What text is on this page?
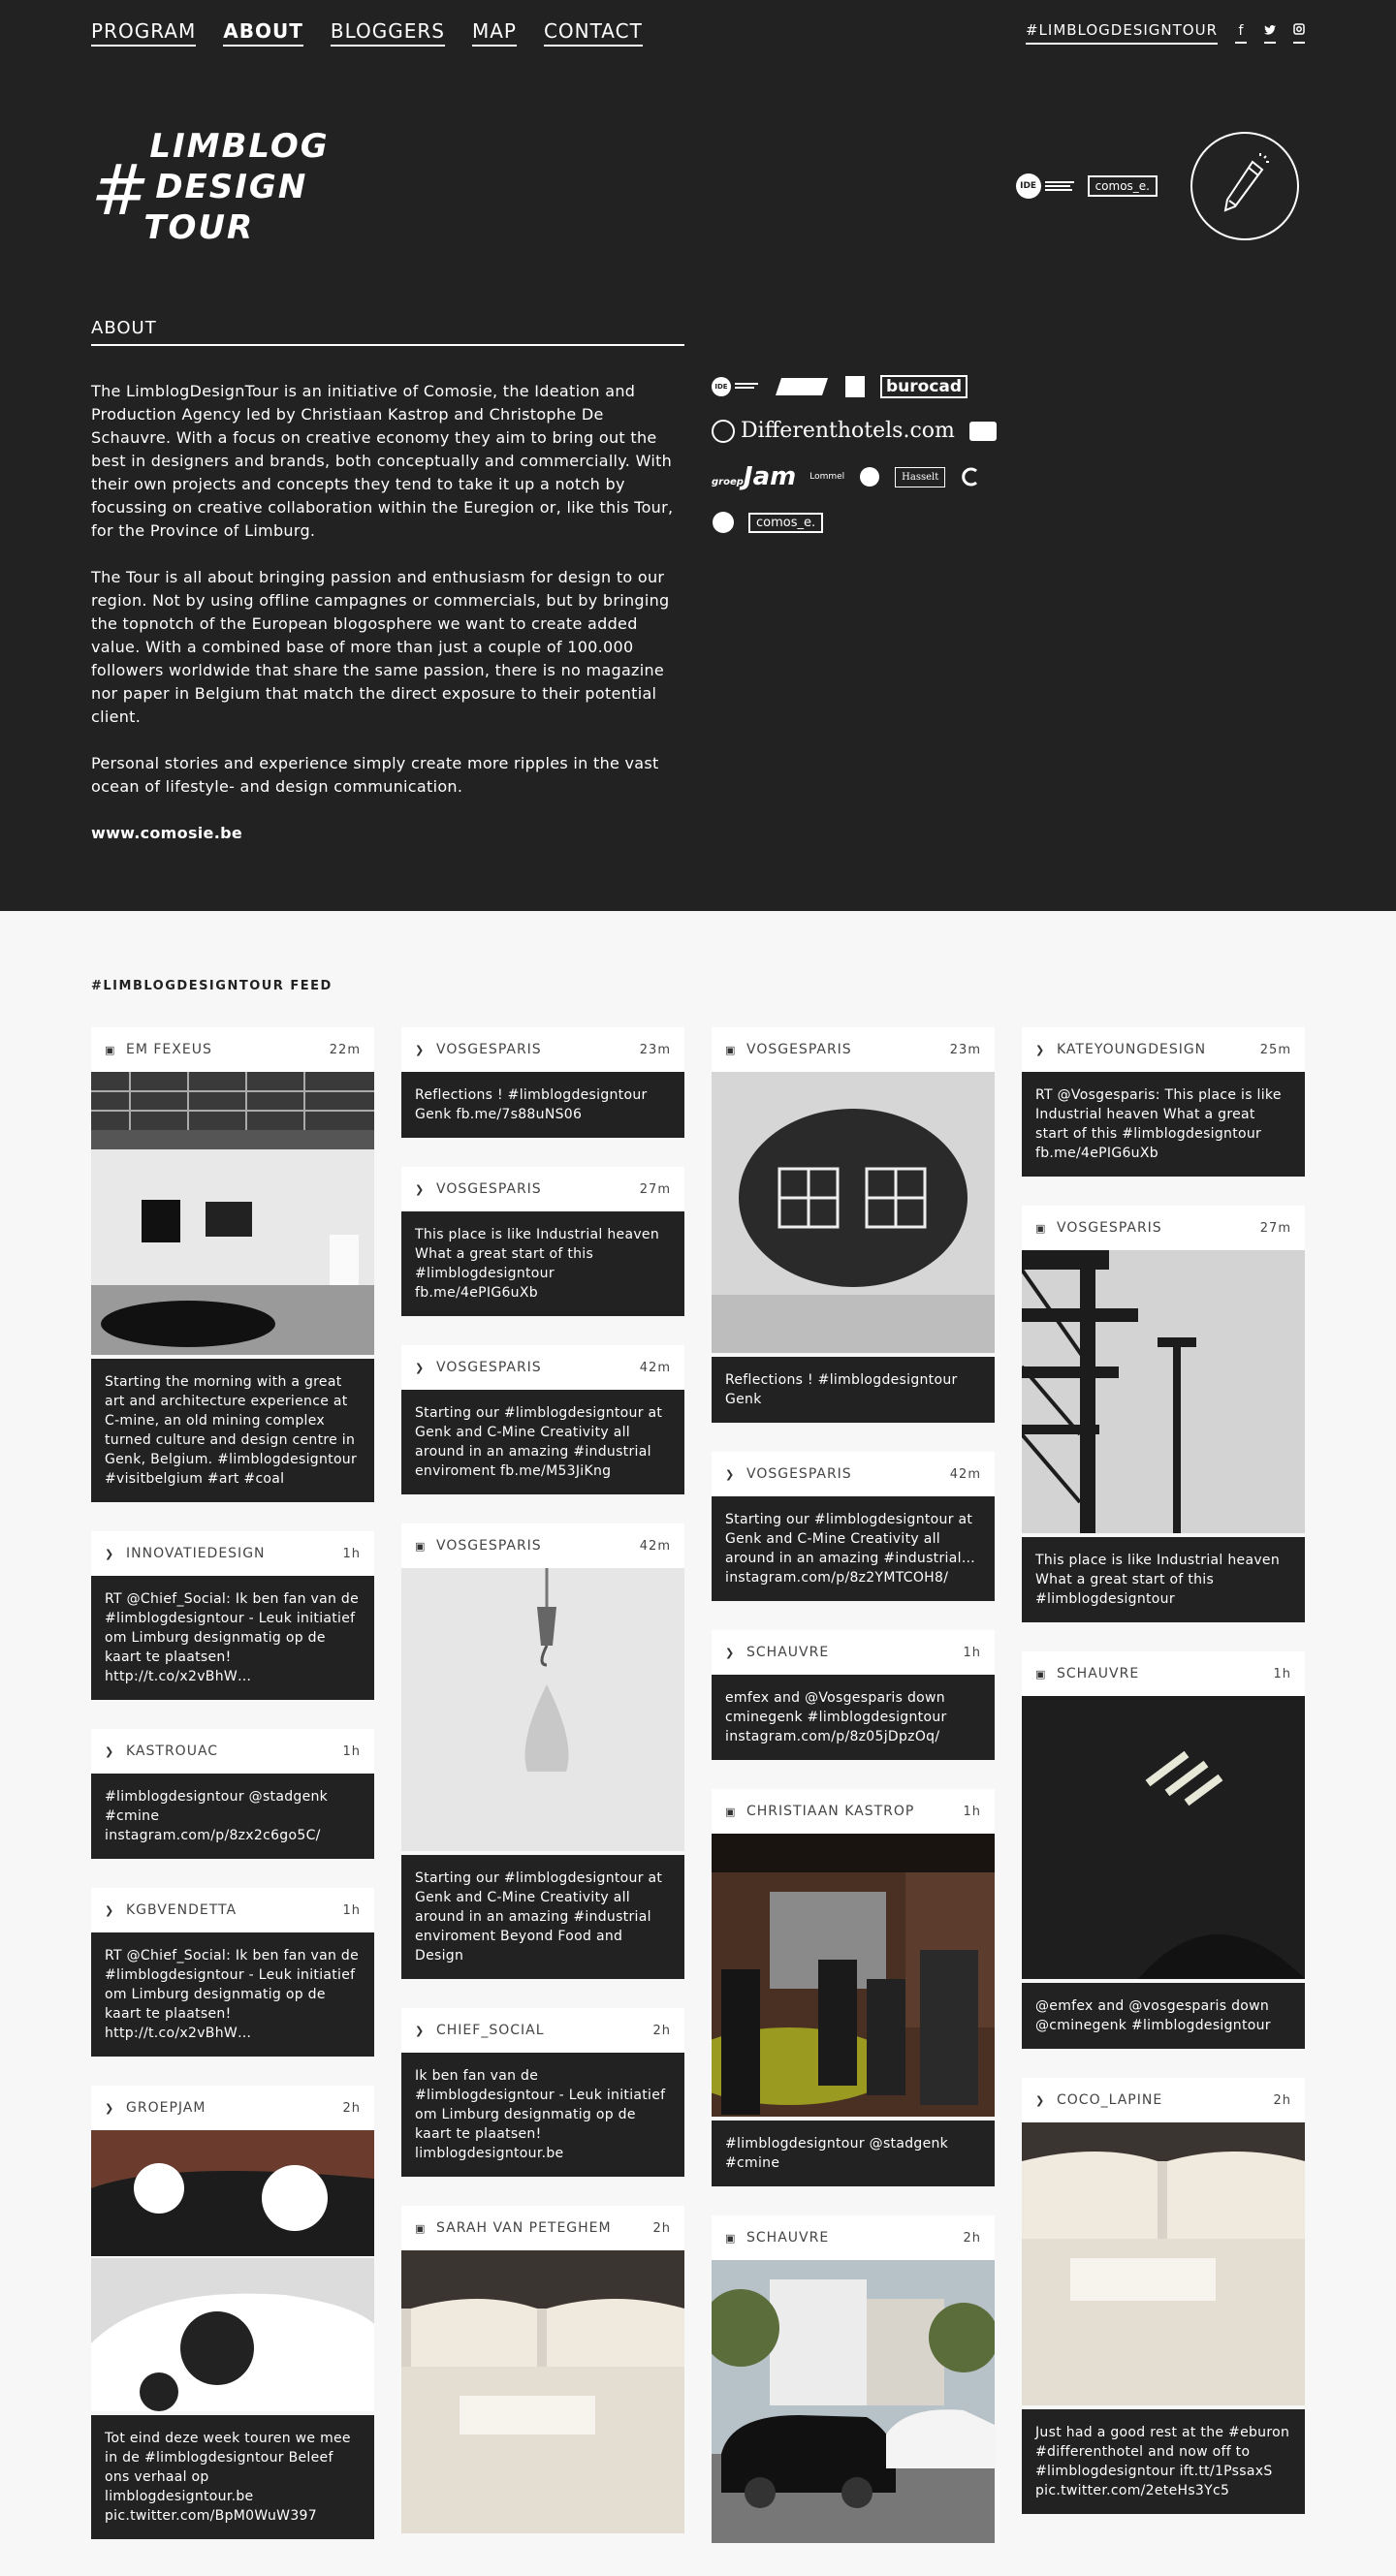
PROGRAM ABOUT BLOGGERS MAP CONTACT	#LIMBLOGDESIGNTOUR f
#
LIMBLOG
DESIGN
TOUR
IDE	comos_e.
ABOUT

The LimblogDesignTour is an initiative of Comosie, the Ideation and Production Agency led by Christiaan Kastrop and Christophe De Schauvre. With a focus on creative economy they aim to bring out the best in designers and brands, both conceptually and commercially. With their own projects and concepts they tend to take it up a notch by focussing on creative collaboration within the Euregion or, like this Tour, for the Province of Limburg.

The Tour is all about bringing passion and enthusiasm for design to our region. Not by using offline campagnes or commercials, but by bringing the topnotch of the European blogosphere we want to create added value. With a combined base of more than just a couple of 100.000 followers worldwide that share the same passion, there is no magazine nor paper in Belgium that match the direct exposure to their potential client.

Personal stories and experience simply create more ripples in the vast ocean of lifestyle- and design communication.

www.comosie.be

IDE	burocad
Differenthotels.com
groepJam Lommel	Hasselt
comos_e.
#LIMBLOGDESIGNTOUR FEED
▣ EM FEXEUS	22m
Starting the morning with a great art and architecture experience at C-mine, an old mining complex turned culture and design centre in Genk, Belgium. #limblogdesigntour #visitbelgium #art #coal
❯ INNOVATIEDESIGN	1h
RT @Chief_Social: Ik ben fan van de #limblogdesigntour - Leuk initiatief om Limburg designmatig op de kaart te plaatsen! http://t.co/x2vBhW…
❯ KASTROUAC	1h
#limblogdesigntour @stadgenk #cmine instagram.com/p/8zx2c6go5C/
❯ KGBVENDETTA	1h
RT @Chief_Social: Ik ben fan van de #limblogdesigntour - Leuk initiatief om Limburg designmatig op de kaart te plaatsen! http://t.co/x2vBhW…
❯ GROEPJAM	2h
Tot eind deze week touren we mee in de #limblogdesigntour Beleef ons verhaal op limblogdesigntour.be pic.twitter.com/BpM0WuW397
❯ VOSGESPARIS	23m
Reflections ! #limblogdesigntour Genk fb.me/7s88uNS06
❯ VOSGESPARIS	27m
This place is like Industrial heaven What a great start of this #limblogdesigntour fb.me/4ePIG6uXb
❯ VOSGESPARIS	42m
Starting our #limblogdesigntour at Genk and C-Mine Creativity all around in an amazing #industrial enviroment fb.me/M53JiKng
▣ VOSGESPARIS	42m
Starting our #limblogdesigntour at Genk and C-Mine Creativity all around in an amazing #industrial enviroment Beyond Food and Design
❯ CHIEF_SOCIAL	2h
Ik ben fan van de #limblogdesigntour - Leuk initiatief om Limburg designmatig op de kaart te plaatsen! limblogdesigntour.be
▣ SARAH VAN PETEGHEM	2h
▣ VOSGESPARIS	23m
Reflections ! #limblogdesigntour Genk
❯ VOSGESPARIS	42m
Starting our #limblogdesigntour at Genk and C-Mine Creativity all around in an amazing #industrial… instagram.com/p/8z2YMTCOH8/
❯ SCHAUVRE	1h
emfex and @Vosgesparis down cminegenk #limblogdesigntour instagram.com/p/8z05jDpzOq/
▣ CHRISTIAAN KASTROP	1h
#limblogdesigntour @stadgenk #cmine
▣ SCHAUVRE	2h
❯ KATEYOUNGDESIGN	25m
RT @Vosgesparis: This place is like Industrial heaven What a great start of this #limblogdesigntour fb.me/4ePIG6uXb
▣ VOSGESPARIS	27m
This place is like Industrial heaven What a great start of this #limblogdesigntour
▣ SCHAUVRE	1h
@emfex and @vosgesparis down @cminegenk #limblogdesigntour
❯ COCO_LAPINE	2h
Just had a good rest at the #eburon #differenthotel and now off to #limblogdesigntour ift.tt/1PssaxS pic.twitter.com/2eteHs3Yc5
